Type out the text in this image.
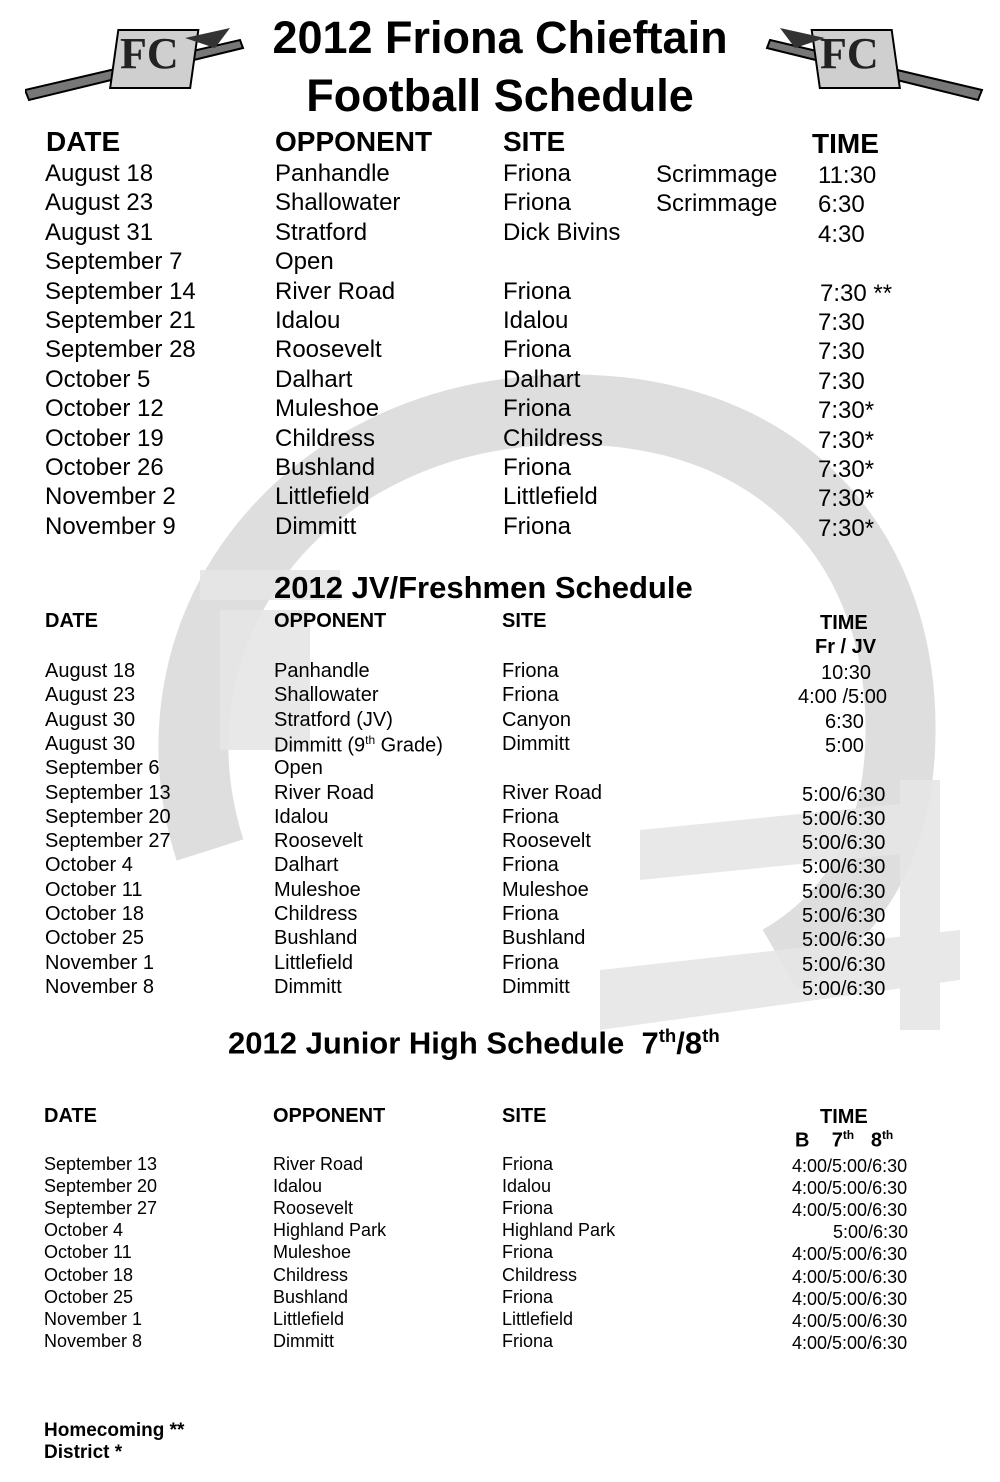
FC	FC
2012 Friona Chieftain
Football Schedule
DATE	OPPONENT	SITE	TIME
August 18	Panhandle	Friona	Scrimmage 11:30
August 23	Shallowater	Friona	Scrimmage 6:30
August 31	Stratford	Dick Bivins	4:30
September 7	Open
September 14	River Road	Friona	7:30 **
September 21	Idalou	Idalou	7:30
September 28	Roosevelt	Friona	7:30
October 5	Dalhart	Dalhart	7:30
October 12	Muleshoe	Friona	7:30*
October 19	Childress	Childress	7:30*
October 26	Bushland	Friona	7:30*
November 2	Littlefield	Littlefield	7:30*
November 9	Dimmitt	Friona	7:30*
2012 JV/Freshmen Schedule
DATE	OPPONENT	SITE	TIME
Fr / JV
August 18	Panhandle	Friona	10:30
August 23	Shallowater	Friona	4:00 /5:00
August 30	Stratford (JV)	Canyon	6:30
August 30	Dimmitt (9th Grade)	Dimmitt	5:00
September 6	Open
September 13	River Road	River Road	5:00/6:30
September 20	Idalou	Friona	5:00/6:30
September 27	Roosevelt	Roosevelt	5:00/6:30
October 4	Dalhart	Friona	5:00/6:30
October 11	Muleshoe	Muleshoe	5:00/6:30
October 18	Childress	Friona	5:00/6:30
October 25	Bushland	Bushland	5:00/6:30
November 1	Littlefield	Friona	5:00/6:30
November 8	Dimmitt	Dimmitt	5:00/6:30
2012 Junior High Schedule 7th/8th
DATE	OPPONENT	SITE	TIME
B 7th 8th
September 13	River Road	Friona	4:00/5:00/6:30
September 20	Idalou	Idalou	4:00/5:00/6:30
September 27	Roosevelt	Friona	4:00/5:00/6:30
October 4	Highland Park	Highland Park	5:00/6:30
October 11	Muleshoe	Friona	4:00/5:00/6:30
October 18	Childress	Childress	4:00/5:00/6:30
October 25	Bushland	Friona	4:00/5:00/6:30
November 1	Littlefield	Littlefield	4:00/5:00/6:30
November 8	Dimmitt	Friona	4:00/5:00/6:30
Homecoming **
District *
